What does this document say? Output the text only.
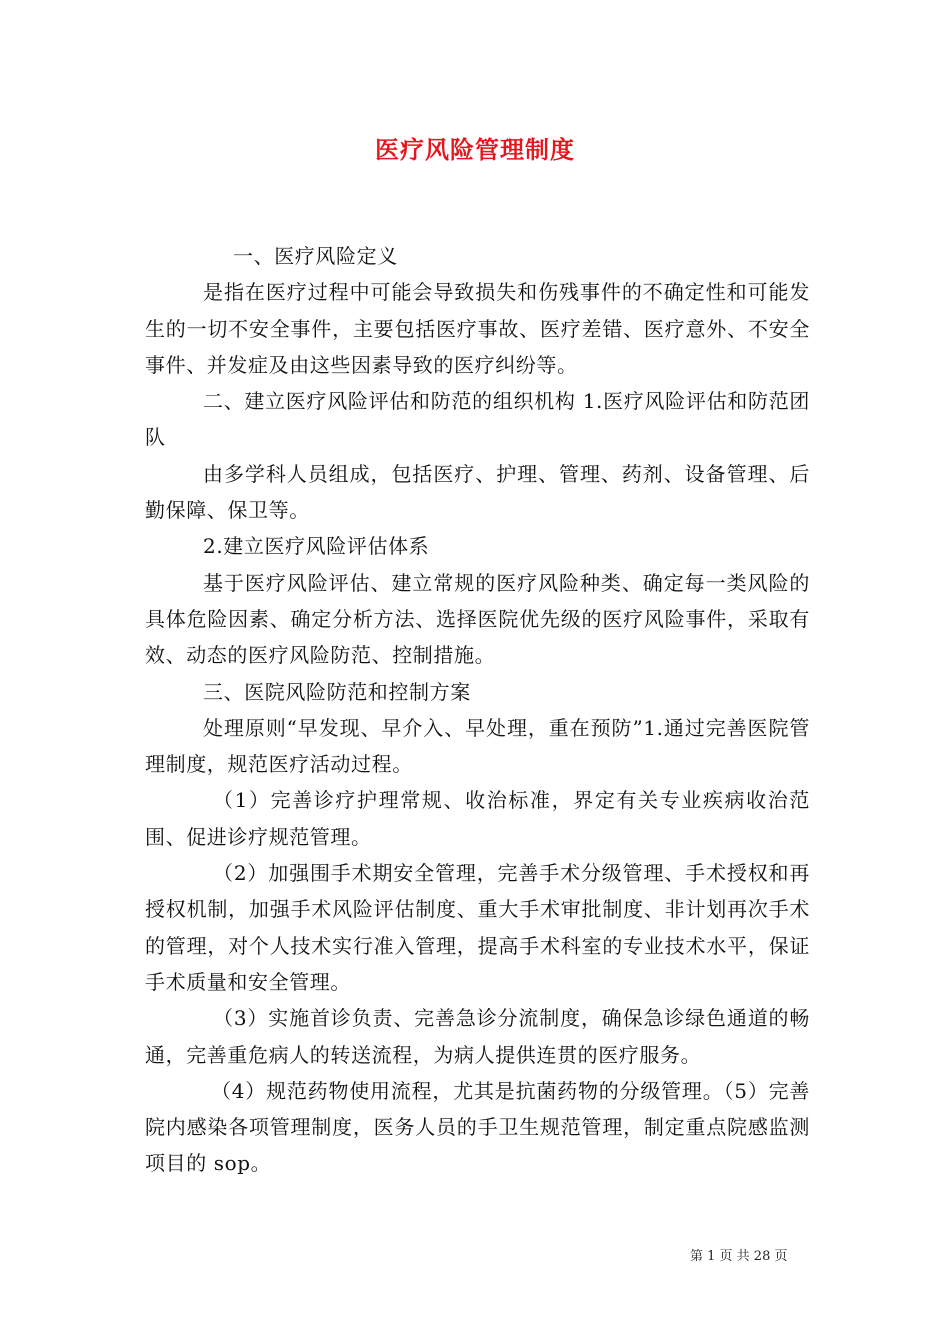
医疗风险管理制度

一、医疗风险定义

是指在医疗过程中可能会导致损失和伤残事件的不确定性和可能发生的一切不安全事件，主要包括医疗事故、医疗差错、医疗意外、不安全事件、并发症及由这些因素导致的医疗纠纷等。

二、建立医疗风险评估和防范的组织机构 1.医疗风险评估和防范团队

由多学科人员组成，包括医疗、护理、管理、药剂、设备管理、后勤保障、保卫等。

2.建立医疗风险评估体系

基于医疗风险评估、建立常规的医疗风险种类、确定每一类风险的具体危险因素、确定分析方法、选择医院优先级的医疗风险事件，采取有效、动态的医疗风险防范、控制措施。

三、医院风险防范和控制方案

处理原则“早发现、早介入、早处理，重在预防”1.通过完善医院管理制度，规范医疗活动过程。

（1）完善诊疗护理常规、收治标准，界定有关专业疾病收治范围、促进诊疗规范管理。

（2）加强围手术期安全管理，完善手术分级管理、手术授权和再授权机制，加强手术风险评估制度、重大手术审批制度、非计划再次手术的管理，对个人技术实行准入管理，提高手术科室的专业技术水平，保证手术质量和安全管理。

（3）实施首诊负责、完善急诊分流制度，确保急诊绿色通道的畅通，完善重危病人的转送流程，为病人提供连贯的医疗服务。

（4）规范药物使用流程，尤其是抗菌药物的分级管理。（5）完善院内感染各项管理制度，医务人员的手卫生规范管理，制定重点院感监测项目的 sop。

第 1 页 共 28 页
